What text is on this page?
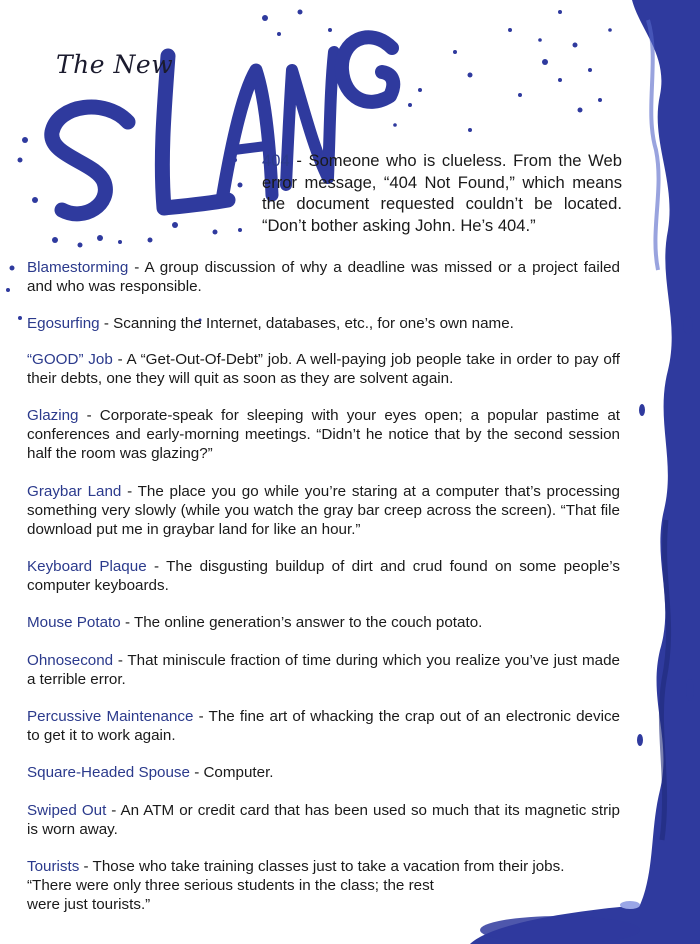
The New

404 - Someone who is clueless. From the Web error message, “404 Not Found,” which means the document requested couldn’t be located. “Don’t bother asking John. He’s 404.”

Blamestorming - A group discussion of why a deadline was missed or a project failed and who was responsible.

Egosurfing - Scanning the Internet, databases, etc., for one’s own name.

“GOOD” Job - A “Get-Out-Of-Debt” job. A well-paying job people take in order to pay off their debts, one they will quit as soon as they are solvent again.

Glazing - Corporate-speak for sleeping with your eyes open; a popular pastime at conferences and early-morning meetings. “Didn’t he notice that by the second session half the room was glazing?”

Graybar Land - The place you go while you’re staring at a computer that’s processing something very slowly (while you watch the gray bar creep across the screen). “That file download put me in graybar land for like an hour.”

Keyboard Plaque - The disgusting buildup of dirt and crud found on some people’s computer keyboards.

Mouse Potato - The online generation’s answer to the couch potato.

Ohnosecond - That miniscule fraction of time during which you realize you’ve just made a terrible error.

Percussive Maintenance - The fine art of whacking the crap out of an electronic device to get it to work again.

Square-Headed Spouse - Computer.

Swiped Out - An ATM or credit card that has been used so much that its magnetic strip is worn away.

Tourists - Those who take training classes just to take a vacation from their jobs.
“There were only three serious students in the class; the rest
were just tourists.”
